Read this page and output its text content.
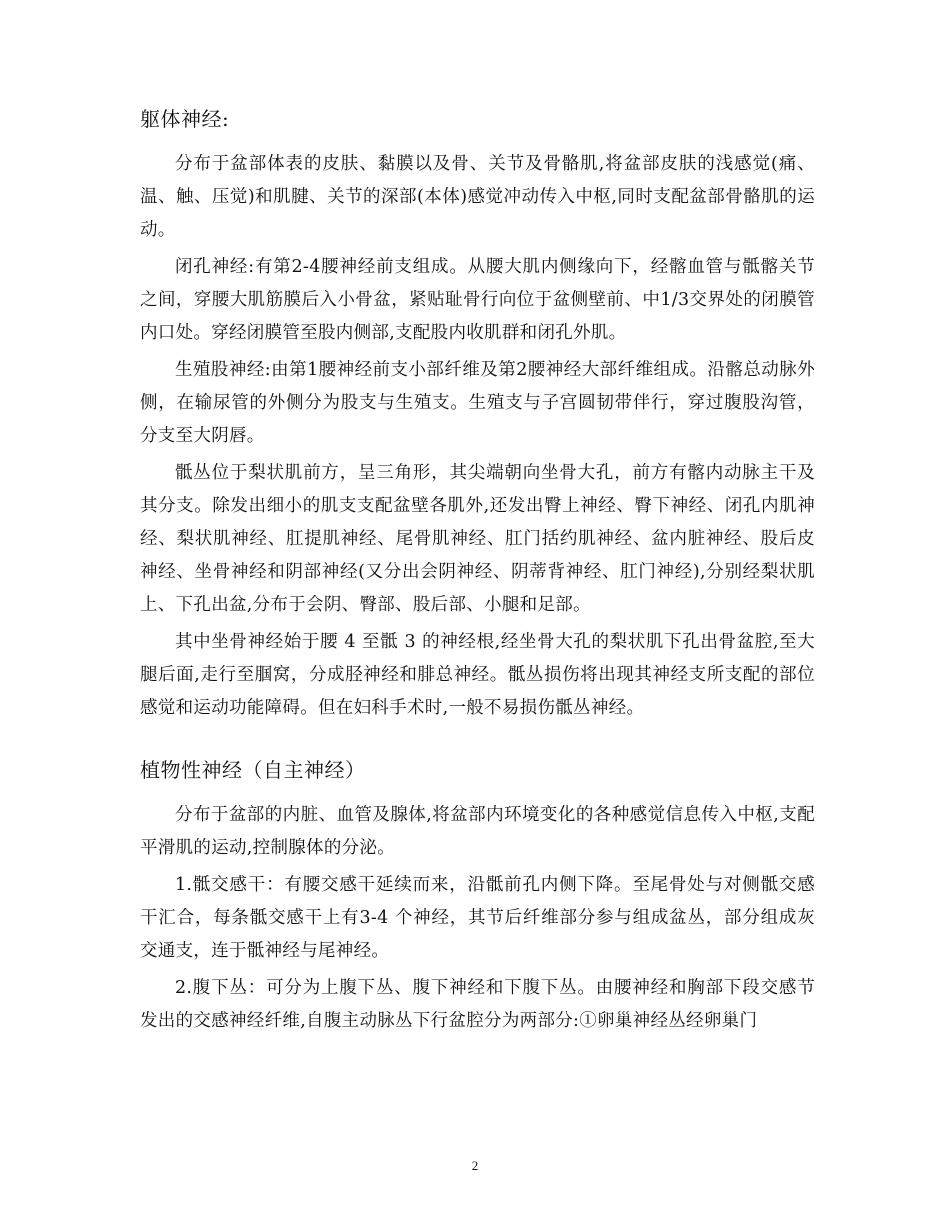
躯体神经:

分布于盆部体表的皮肤、黏膜以及骨、关节及骨骼肌,将盆部皮肤的浅感觉(痛、温、触、压觉)和肌腱、关节的深部(本体)感觉冲动传入中枢,同时支配盆部骨骼肌的运动。

闭孔神经:有第2-4腰神经前支组成。从腰大肌内侧缘向下，经髂血管与骶髂关节之间，穿腰大肌筋膜后入小骨盆，紧贴耻骨行向位于盆侧壁前、中1/3交界处的闭膜管内口处。穿经闭膜管至股内侧部,支配股内收肌群和闭孔外肌。

生殖股神经:由第1腰神经前支小部纤维及第2腰神经大部纤维组成。沿髂总动脉外侧，在输尿管的外侧分为股支与生殖支。生殖支与子宫圆韧带伴行，穿过腹股沟管，分支至大阴唇。

骶丛位于梨状肌前方，呈三角形，其尖端朝向坐骨大孔，前方有髂内动脉主干及其分支。除发出细小的肌支支配盆壁各肌外,还发出臀上神经、臀下神经、闭孔内肌神经、梨状肌神经、肛提肌神经、尾骨肌神经、肛门括约肌神经、盆内脏神经、股后皮神经、坐骨神经和阴部神经(又分出会阴神经、阴蒂背神经、肛门神经),分别经梨状肌上、下孔出盆,分布于会阴、臀部、股后部、小腿和足部。

其中坐骨神经始于腰 4 至骶 3 的神经根,经坐骨大孔的梨状肌下孔出骨盆腔,至大腿后面,走行至腘窝，分成胫神经和腓总神经。骶丛损伤将出现其神经支所支配的部位感觉和运动功能障碍。但在妇科手术时,一般不易损伤骶丛神经。

植物性神经（自主神经）

分布于盆部的内脏、血管及腺体,将盆部内环境变化的各种感觉信息传入中枢,支配平滑肌的运动,控制腺体的分泌。

1.骶交感干：有腰交感干延续而来，沿骶前孔内侧下降。至尾骨处与对侧骶交感干汇合，每条骶交感干上有3-4 个神经，其节后纤维部分参与组成盆丛，部分组成灰交通支，连于骶神经与尾神经。

2.腹下丛：可分为上腹下丛、腹下神经和下腹下丛。由腰神经和胸部下段交感节发出的交感神经纤维,自腹主动脉丛下行盆腔分为两部分:①卵巢神经丛经卵巢门

2
